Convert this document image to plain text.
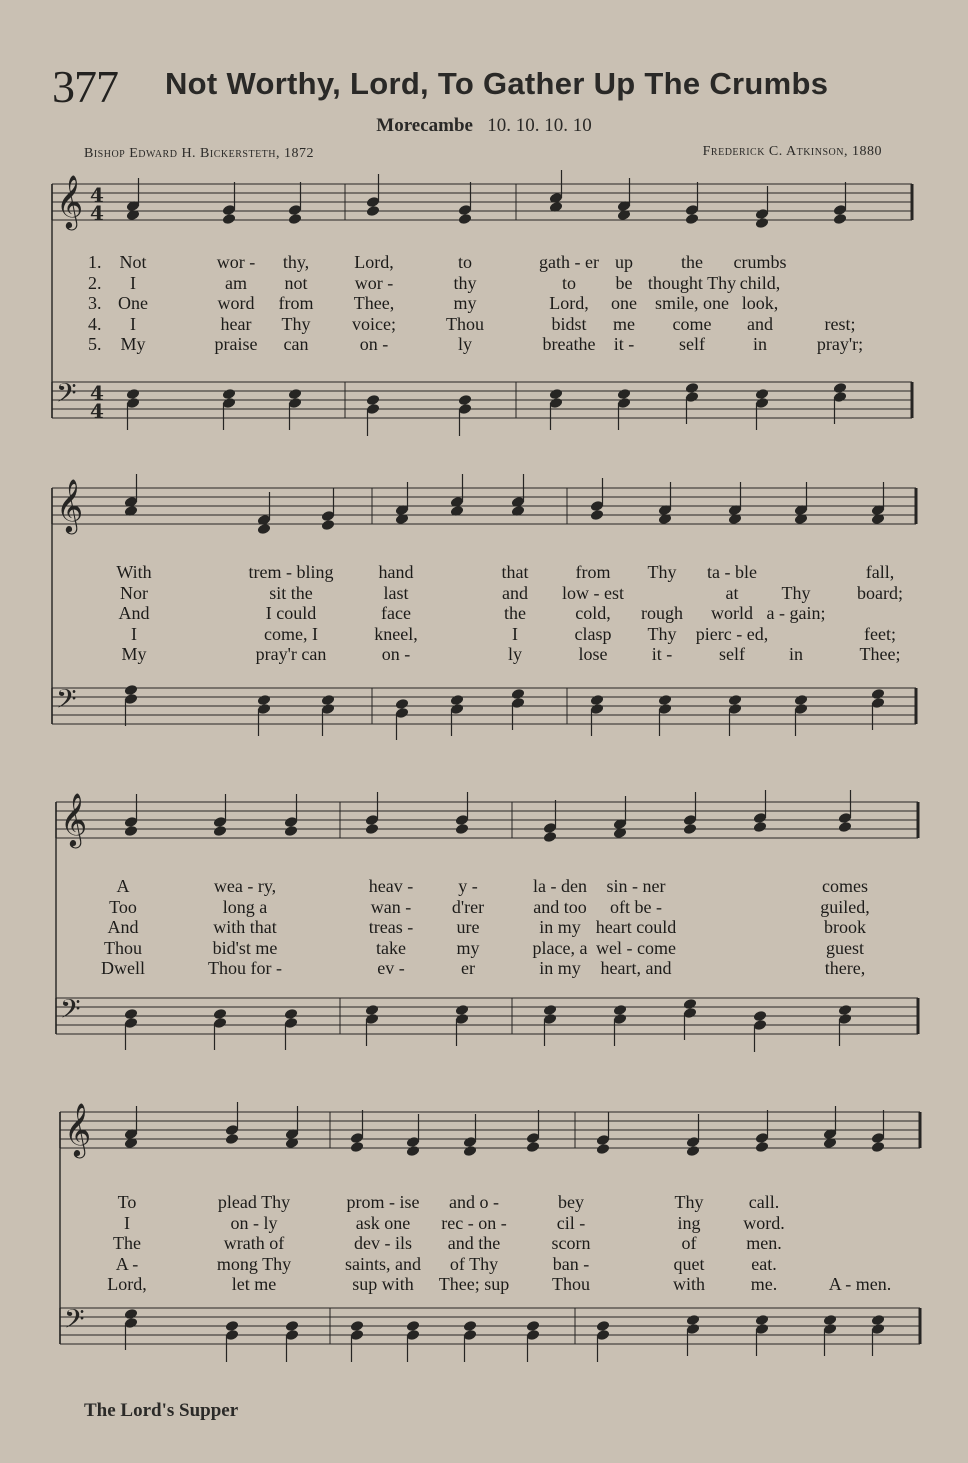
377 Not Worthy, Lord, To Gather Up The Crumbs
Morecambe 10. 10. 10. 10
Bishop Edward H. Bickersteth, 1872	Frederick C. Atkinson, 1880
𝄞
𝄢
4
4
4
4
1. Not	wor - thy,	Lord,	to	gath - er up	the crumbs
2. I	am not	wor -	thy	to be thought Thy child,
3. One	word from Thee,	my	Lord, one smile, one look,
4. I	hear Thy voice;	Thou	bidst me come and	rest;
5. My	praise can	on -	ly	breathe it - self	in	pray'r;
𝄞
𝄢
With	trem - bling	hand	that	from Thy ta - ble	fall,
Nor	sit the	last	and low - est	at Thy	board;
And	I could	face	the	cold, rough world a - gain;
I	come, I	kneel,	I	clasp Thy pierc - ed,	feet;
My	pray'r can	on -	ly	lose it -	self in	Thee;
𝄞
𝄢
A	wea - ry,	heav -	y -	la - den sin - ner	comes
Too	long a	wan - d'rer	and too oft be -	guiled,
And	with that	treas - ure	in my heart could	brook
Thou	bid'st me	take	my	place, a wel - come	guest
Dwell	Thou for -	ev -	er	in my heart, and	there,
𝄞
𝄢
To	plead Thy	prom - ise and o -	bey	Thy	call.
I	on - ly	ask one rec - on -	cil -	ing word.
The	wrath of	dev - ils and the	scorn	of	men.
A -	mong Thy	saints, and of Thy	ban -	quet	eat.
Lord,	let me	sup with Thee; sup Thou	with	me.	A - men.
The Lord's Supper
